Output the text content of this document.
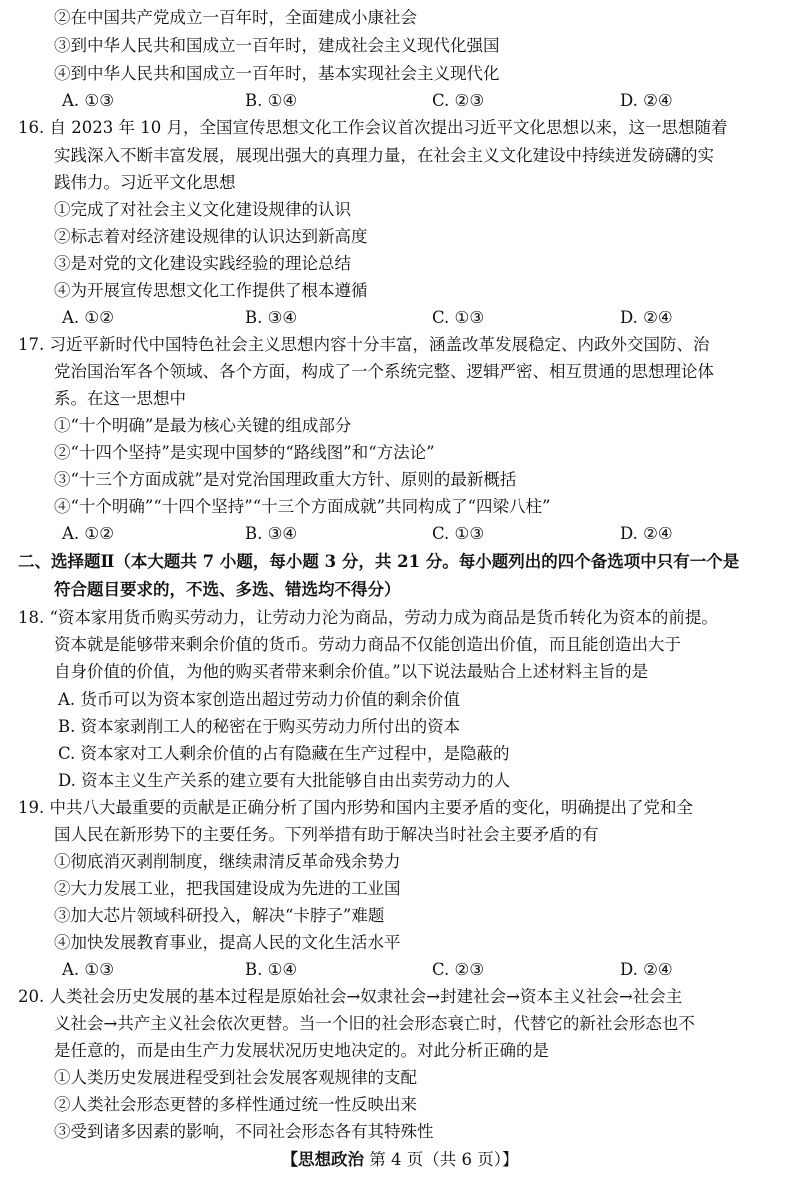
②在中国共产党成立一百年时，全面建成小康社会
③到中华人民共和国成立一百年时，建成社会主义现代化强国
④到中华人民共和国成立一百年时，基本实现社会主义现代化
A. ①③	B. ①④	C. ②③	D. ②④
16. 自 2023 年 10 月，全国宣传思想文化工作会议首次提出习近平文化思想以来，这一思想随着
实践深入不断丰富发展，展现出强大的真理力量，在社会主义文化建设中持续迸发磅礴的实
践伟力。习近平文化思想
①完成了对社会主义文化建设规律的认识
②标志着对经济建设规律的认识达到新高度
③是对党的文化建设实践经验的理论总结
④为开展宣传思想文化工作提供了根本遵循
A. ①②	B. ③④	C. ①③	D. ②④
17. 习近平新时代中国特色社会主义思想内容十分丰富，涵盖改革发展稳定、内政外交国防、治
党治国治军各个领域、各个方面，构成了一个系统完整、逻辑严密、相互贯通的思想理论体
系。在这一思想中
①“十个明确”是最为核心关键的组成部分
②“十四个坚持”是实现中国梦的“路线图”和“方法论”
③“十三个方面成就”是对党治国理政重大方针、原则的最新概括
④“十个明确”“十四个坚持”“十三个方面成就”共同构成了“四梁八柱”
A. ①②	B. ③④	C. ①③	D. ②④
二、选择题Ⅱ（本大题共 7 小题，每小题 3 分，共 21 分。每小题列出的四个备选项中只有一个是
符合题目要求的，不选、多选、错选均不得分）
18. “资本家用货币购买劳动力，让劳动力沦为商品，劳动力成为商品是货币转化为资本的前提。
资本就是能够带来剩余价值的货币。劳动力商品不仅能创造出价值，而且能创造出大于
自身价值的价值，为他的购买者带来剩余价值。”以下说法最贴合上述材料主旨的是
A. 货币可以为资本家创造出超过劳动力价值的剩余价值
B. 资本家剥削工人的秘密在于购买劳动力所付出的资本
C. 资本家对工人剩余价值的占有隐藏在生产过程中，是隐蔽的
D. 资本主义生产关系的建立要有大批能够自由出卖劳动力的人
19. 中共八大最重要的贡献是正确分析了国内形势和国内主要矛盾的变化，明确提出了党和全
国人民在新形势下的主要任务。下列举措有助于解决当时社会主要矛盾的有
①彻底消灭剥削制度，继续肃清反革命残余势力
②大力发展工业，把我国建设成为先进的工业国
③加大芯片领域科研投入，解决“卡脖子”难题
④加快发展教育事业，提高人民的文化生活水平
A. ①③	B. ①④	C. ②③	D. ②④
20. 人类社会历史发展的基本过程是原始社会→奴隶社会→封建社会→资本主义社会→社会主
义社会→共产主义社会依次更替。当一个旧的社会形态衰亡时，代替它的新社会形态也不
是任意的，而是由生产力发展状况历史地决定的。对此分析正确的是
①人类历史发展进程受到社会发展客观规律的支配
②人类社会形态更替的多样性通过统一性反映出来
③受到诸多因素的影响，不同社会形态各有其特殊性
【思想政治 第 4 页（共 6 页）】
